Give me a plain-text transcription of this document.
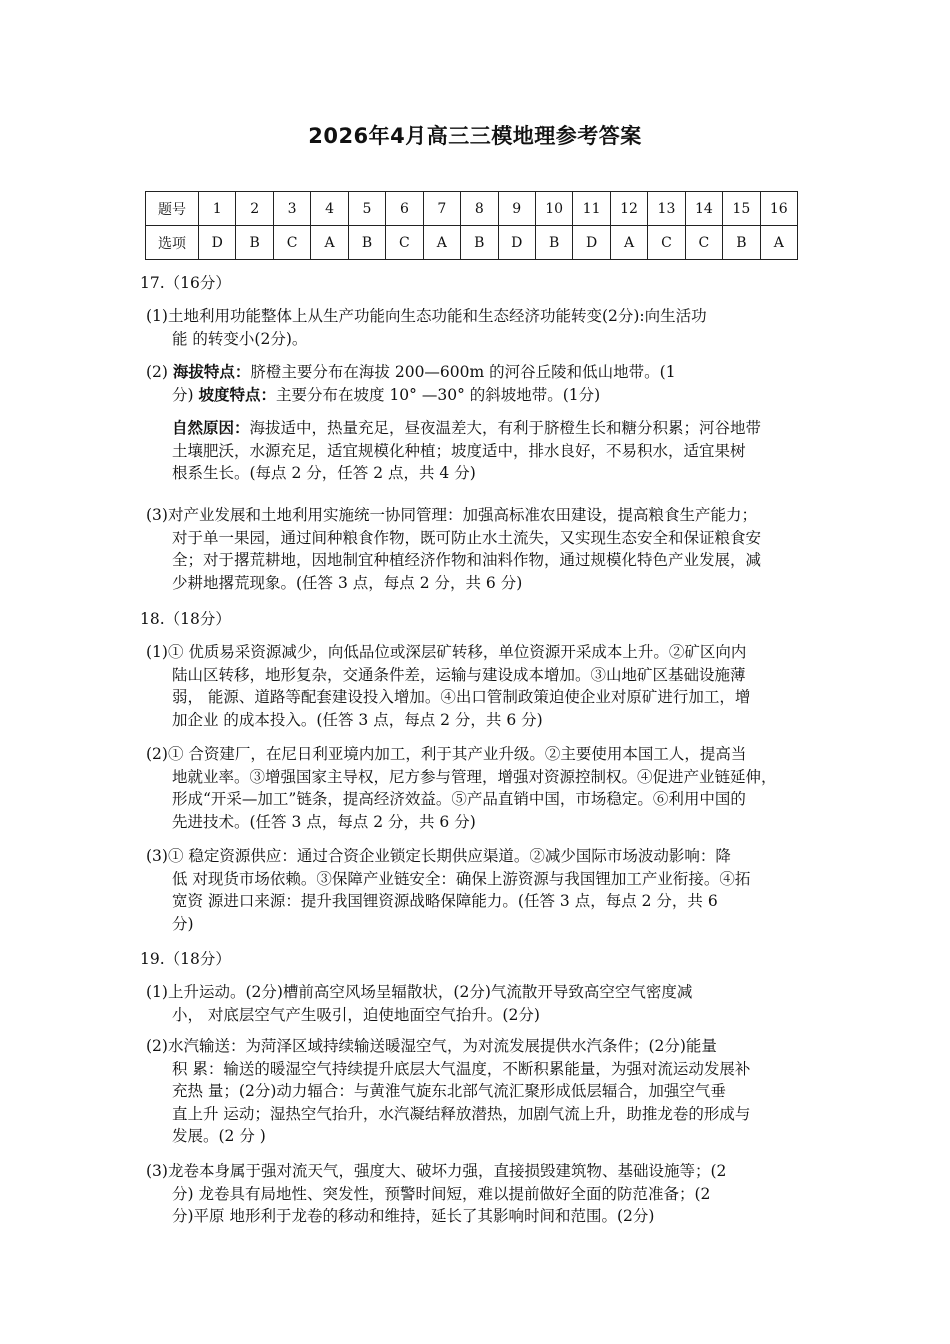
2026年4月高三三模地理参考答案
题号	1	2	3	4	5	6	7	8	9	10	11	12	13	14	15	16
选项	D	B	C	A	B	C	A	B	D	B	D	A	C	C	B	A
17.（16分）
(1)土地利用功能整体上从生产功能向生态功能和生态经济功能转变(2分):向生活功
能 的转变小(2分)。
(2) 海拔特点：脐橙主要分布在海拔 200—600m 的河谷丘陵和低山地带。(1
分) 坡度特点：主要分布在坡度 10° —30° 的斜坡地带。(1分)
自然原因：海拔适中，热量充足，昼夜温差大，有利于脐橙生长和糖分积累；河谷地带
土壤肥沃，水源充足，适宜规模化种植；坡度适中，排水良好，不易积水，适宜果树
根系生长。(每点 2 分，任答 2 点，共 4 分)
(3)对产业发展和土地利用实施统一协同管理：加强高标准农田建设，提高粮食生产能力；
对于单一果园，通过间种粮食作物，既可防止水土流失，又实现生态安全和保证粮食安
全；对于撂荒耕地，因地制宜种植经济作物和油料作物，通过规模化特色产业发展，减
少耕地撂荒现象。(任答 3 点，每点 2 分，共 6 分)
18.（18分）
(1)① 优质易采资源减少，向低品位或深层矿转移，单位资源开采成本上升。②矿区向内
陆山区转移，地形复杂，交通条件差，运输与建设成本增加。③山地矿区基础设施薄
弱， 能源、道路等配套建设投入增加。④出口管制政策迫使企业对原矿进行加工，增
加企业 的成本投入。(任答 3 点，每点 2 分，共 6 分)
(2)① 合资建厂，在尼日利亚境内加工，利于其产业升级。②主要使用本国工人，提高当
地就业率。③增强国家主导权，尼方参与管理，增强对资源控制权。④促进产业链延伸，
形成“开采—加工”链条，提高经济效益。⑤产品直销中国，市场稳定。⑥利用中国的
先进技术。(任答 3 点，每点 2 分，共 6 分)
(3)① 稳定资源供应：通过合资企业锁定长期供应渠道。②减少国际市场波动影响：降
低 对现货市场依赖。③保障产业链安全：确保上游资源与我国锂加工产业衔接。④拓
宽资 源进口来源：提升我国锂资源战略保障能力。(任答 3 点，每点 2 分，共 6
分)
19.（18分）
(1)上升运动。(2分)槽前高空风场呈辐散状，(2分)气流散开导致高空空气密度减
小， 对底层空气产生吸引，迫使地面空气抬升。(2分)
(2)水汽输送：为菏泽区域持续输送暖湿空气，为对流发展提供水汽条件；(2分)能量
积 累：输送的暖湿空气持续提升底层大气温度，不断积累能量，为强对流运动发展补
充热 量；(2分)动力辐合：与黄淮气旋东北部气流汇聚形成低层辐合，加强空气垂
直上升 运动；湿热空气抬升，水汽凝结释放潜热，加剧气流上升，助推龙卷的形成与
发展。(2 分 )
(3)龙卷本身属于强对流天气，强度大、破坏力强，直接损毁建筑物、基础设施等；(2
分) 龙卷具有局地性、突发性，预警时间短，难以提前做好全面的防范准备；(2
分)平原 地形利于龙卷的移动和维持，延长了其影响时间和范围。(2分)
